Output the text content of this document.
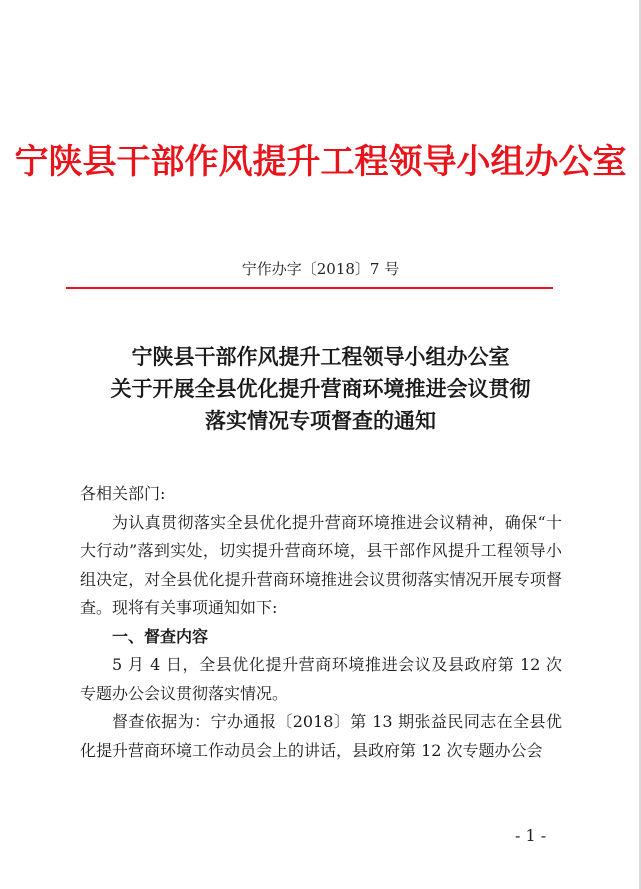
宁陕县干部作风提升工程领导小组办公室
宁作办字〔2018〕7 号
宁陕县干部作风提升工程领导小组办公室
关于开展全县优化提升营商环境推进会议贯彻
落实情况专项督查的通知

各相关部门:

为认真贯彻落实全县优化提升营商环境推进会议精神，确保“十大行动”落到实处，切实提升营商环境，县干部作风提升工程领导小组决定，对全县优化提升营商环境推进会议贯彻落实情况开展专项督查。现将有关事项通知如下:

一、督查内容

5 月 4 日，全县优化提升营商环境推进会议及县政府第 12 次专题办公会议贯彻落实情况。

督查依据为：宁办通报〔2018〕第 13 期张益民同志在全县优化提升营商环境工作动员会上的讲话，县政府第 12 次专题办公会

- 1 -
